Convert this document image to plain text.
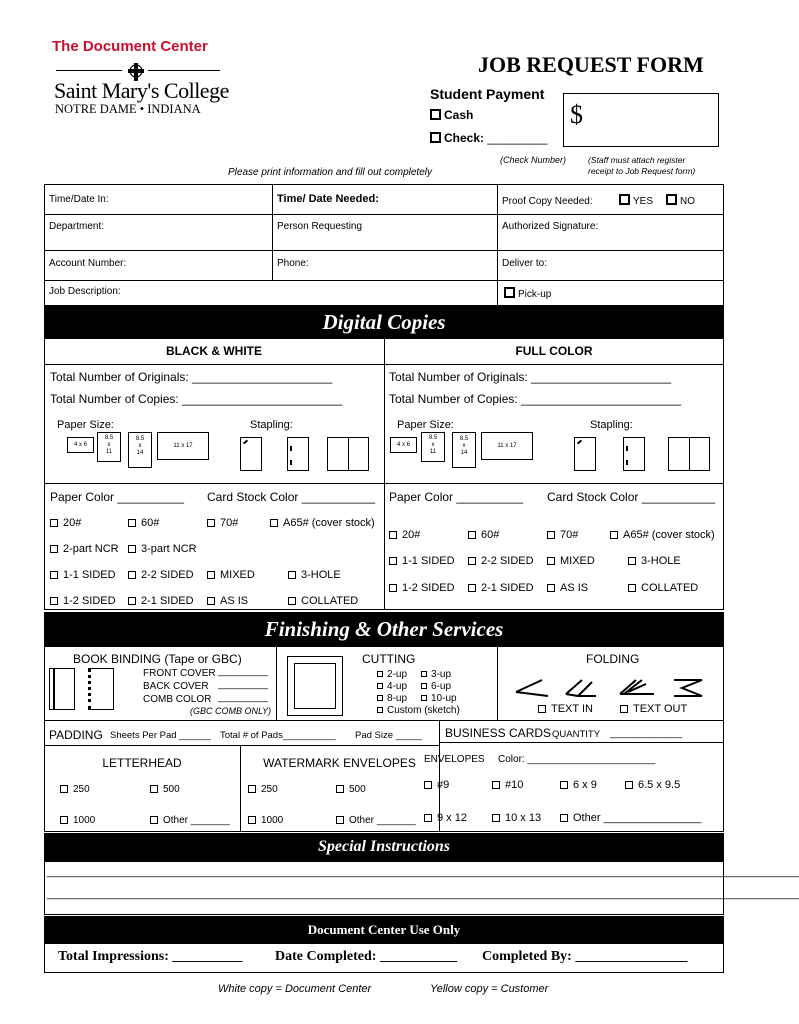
The Document Center
Saint Mary's College
NOTRE DAME • INDIANA
JOB REQUEST FORM
Student Payment
Cash
Check: _________
$
(Check Number)	(Staff must attach register receipt to Job Request form)
Please print information and fill out completely
Time/Date In:	Time/ Date Needed:	Proof Copy Needed:	YES	NO
Department:	Person Requesting	Authorized Signature:
Account Number:	Phone:	Deliver to:
Job Description:	Pick-up
Digital Copies
BLACK & WHITE	FULL COLOR
Total Number of Originals: _____________________
Total Number of Copies: ________________________
Paper Size:	Stapling:
4 x 6
8.5
x
11
8.5
x
14
11 x 17
Total Number of Originals: _____________________
Total Number of Copies: ________________________
Paper Size:	Stapling:
4 x 6
8.5
x
11
8.5
x
14
11 x 17
Paper Color __________ Card Stock Color ___________
20#	60#	70#	A65# (cover stock)
2-part NCR	3-part NCR
1-1 SIDED	2-2 SIDED	MIXED	3-HOLE
1-2 SIDED	2-1 SIDED	AS IS	COLLATED
Paper Color __________ Card Stock Color ___________
20#	60#	70#	A65# (cover stock)
1-1 SIDED	2-2 SIDED	MIXED	3-HOLE
1-2 SIDED	2-1 SIDED	AS IS	COLLATED
Finishing & Other Services
BOOK BINDING (Tape or GBC)
FRONT COVER _________
BACK COVER _________
COMB COLOR _________
(GBC COMB ONLY)
CUTTING
2-up	3-up
4-up	6-up
8-up	10-up
Custom (sketch)
FOLDING
TEXT IN	TEXT OUT
PADDING Sheets Per Pad ______ Total # of Pads__________ Pad Size _____ BUSINESS CARDS QUANTITY _____________
LETTERHEAD
250	500
1000	Other _______
WATERMARK ENVELOPES
250	500
1000	Other _______
ENVELOPES Color: _______________________
#9	#10	6 x 9	6.5 x 9.5
9 x 12	10 x 13	Other ________________
Special Instructions
___________________________________________________________________________________________________________________________
___________________________________________________________________________________________________________________________
Document Center Use Only
Total Impressions: __________ Date Completed: ___________ Completed By: ________________
White copy = Document Center	Yellow copy = Customer
